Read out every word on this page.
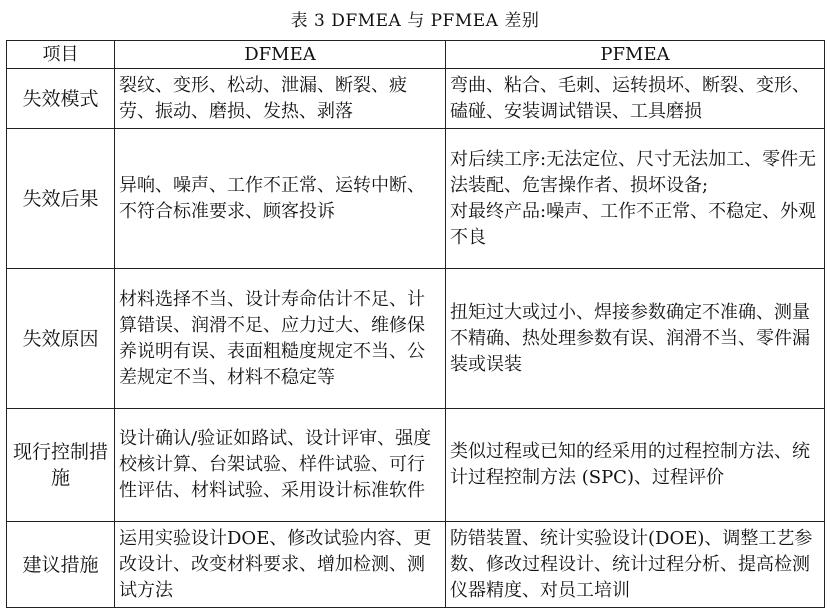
表 3 DFMEA 与 PFMEA 差别
项目	DFMEA	PFMEA
失效模式	裂纹、变形、松动、泄漏、断裂、疲劳、振动、磨损、发热、剥落	弯曲、粘合、毛刺、运转损坏、断裂、变形、磕碰、安装调试错误、工具磨损

失效后果	异响、噪声、工作不正常、运转中断、不符合标准要求、顾客投诉	对后续工序:无法定位、尺寸无法加工、零件无法装配、危害操作者、损坏设备;
对最终产品:噪声、工作不正常、不稳定、外观不良

失效原因	材料选择不当、设计寿命估计不足、计算错误、润滑不足、应力过大、维修保养说明有误、表面粗糙度规定不当、公差规定不当、材料不稳定等	扭矩过大或过小、焊接参数确定不准确、测量不精确、热处理参数有误、润滑不当、零件漏装或误装

现行控制措施	设计确认/验证如路试、设计评审、强度校核计算、台架试验、样件试验、可行性评估、材料试验、采用设计标准软件	类似过程或已知的经采用的过程控制方法、统计过程控制方法 (SPC)、过程评价

建议措施	运用实验设计DOE、修改试验内容、更改设计、改变材料要求、增加检测、测试方法	防错装置、统计实验设计(DOE)、调整工艺参数、修改过程设计、统计过程分析、提高检测仪器精度、对员工培训
